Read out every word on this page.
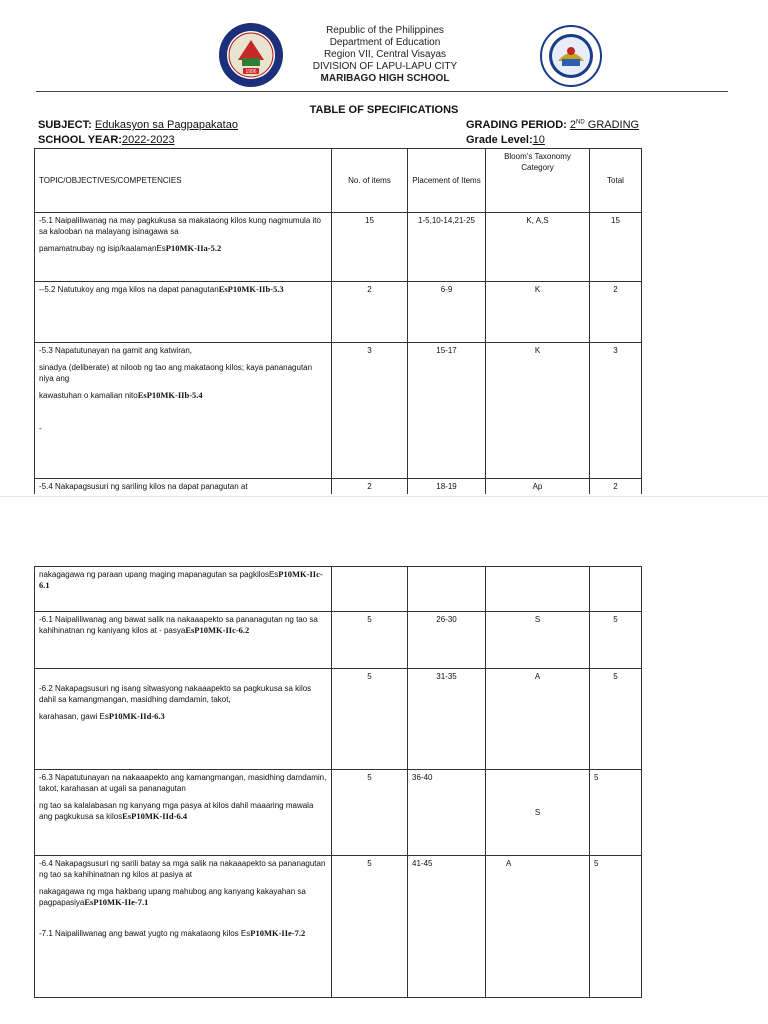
1996
Republic of the Philippines
Department of Education
Region VII, Central Visayas
DIVISION OF LAPU-LAPU CITY
MARIBAGO HIGH SCHOOL
TABLE OF SPECIFICATIONS
SUBJECT: Edukasyon sa Pagpapakatao
SCHOOL YEAR:2022-2023
GRADING PERIOD: 2ND GRADING
Grade Level:10
TOPIC/OBJECTIVES/COMPETENCIES	No. of items	Placement of Items	Bloom’s Taxonomy Category	Total

-5.1 Naipaliliwanag na may pagkukusa sa makataong kilos kung nagmumula ito sa kalooban na malayang isinagawa sa
pamamatnubay ng isip/kaalamanEsP10MK-IIa-5.2	15	1-5,10-14,21-25	K, A,S	15
--5.2 Natutukoy ang mga kilos na dapat panagutanEsP10MK-IIb-5.3	2	6-9	K	2

-5.3 Napatutunayan na gamit ang katwiran,
sinadya (deliberate) at niloob ng tao ang makataong kilos; kaya pananagutan niya ang
kawastuhan o kamalian nitoEsP10MK-IIb-5.4
-	3	15-17	K	3
-5.4 Nakapagsusuri ng sariling kilos na dapat panagutan at	2	18-19	Ap	2
nakagagawa ng paraan upang maging mapanagutan sa pagkilosEsP10MK-IIc-6.1				
-6.1 Naipaliliwanag ang bawat salik na nakaaapekto sa pananagutan ng tao sa kahihinatnan ng kaniyang kilos at - pasyaEsP10MK-IIc-6.2	5	26-30	S	5

-6.2 Nakapagsusuri ng isang sitwasyong nakaaapekto sa pagkukusa sa kilos dahil sa kamangmangan, masidhing damdamin, takot,
karahasan, gawi EsP10MK-IId-6.3	5	31-35	A	5

-6.3 Napatutunayan na nakaaapekto ang kamangmangan, masidhing damdamin, takot, karahasan at ugali sa pananagutan
ng tao sa kalalabasan ng kanyang mga pasya at kilos dahil maaaring mawala ang pagkukusa sa kilosEsP10MK-IId-6.4	5	36-40	S	5

-6.4 Nakapagsusuri ng sarili batay sa mga salik na nakaaapekto sa pananagutan ng tao sa kahihinatnan ng kilos at pasiya at
nakagagawa ng mga hakbang upang mahubog ang kanyang kakayahan sa pagpapasiyaEsP10MK-IIe-7.1
-7.1 Naipaliliwanag ang bawat yugto ng makataong kilos EsP10MK-IIe-7.2	5	41-45	A	5
